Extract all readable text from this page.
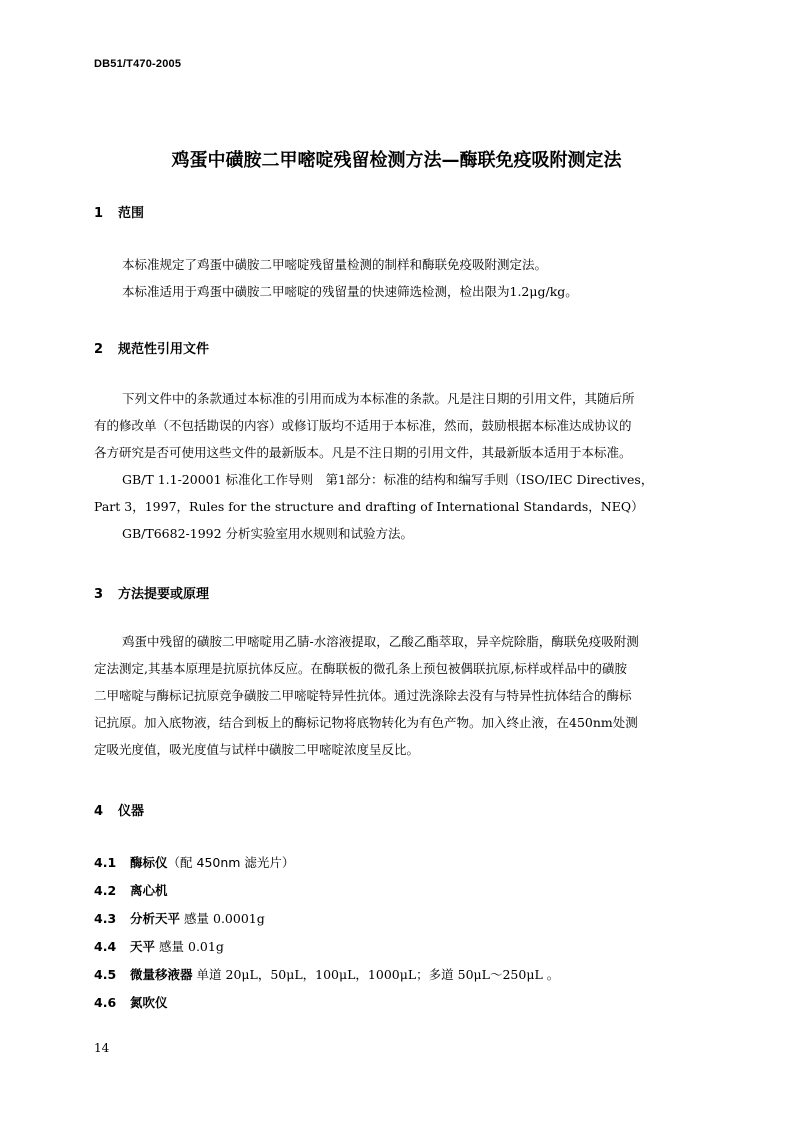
DB51/T470-2005
鸡蛋中磺胺二甲嘧啶残留检测方法—酶联免疫吸附测定法
1 范围

本标准规定了鸡蛋中磺胺二甲嘧啶残留量检测的制样和酶联免疫吸附测定法。

本标准适用于鸡蛋中磺胺二甲嘧啶的残留量的快速筛选检测，检出限为1.2μg/kg。

2 规范性引用文件
下列文件中的条款通过本标准的引用而成为本标准的条款。凡是注日期的引用文件，其随后所
有的修改单（不包括勘误的内容）或修订版均不适用于本标准，然而，鼓励根据本标准达成协议的
各方研究是否可使用这些文件的最新版本。凡是不注日期的引用文件，其最新版本适用于本标准。
GB/T 1.1-20001 标准化工作导则　第1部分：标准的结构和编写手则（ISO/IEC Directives，
Part 3，1997，Rules for the structure and drafting of International Standards，NEQ）
GB/T6682-1992 分析实验室用水规则和试验方法。
3 方法提要或原理
鸡蛋中残留的磺胺二甲嘧啶用乙腈-水溶液提取，乙酸乙酯萃取，异辛烷除脂，酶联免疫吸附测
定法测定,其基本原理是抗原抗体反应。在酶联板的微孔条上预包被偶联抗原,标样或样品中的磺胺
二甲嘧啶与酶标记抗原竞争磺胺二甲嘧啶特异性抗体。通过洗涤除去没有与特异性抗体结合的酶标
记抗原。加入底物液，结合到板上的酶标记物将底物转化为有色产物。加入终止液，在450nm处测
定吸光度值，吸光度值与试样中磺胺二甲嘧啶浓度呈反比。
4 仪器
4.1 酶标仪（配 450nm 滤光片）
4.2 离心机
4.3 分析天平 感量 0.0001g
4.4 天平 感量 0.01g
4.5 微量移液器 单道 20μL，50μL，100μL，1000μL；多道 50μL～250μL 。
4.6 氮吹仪
14
